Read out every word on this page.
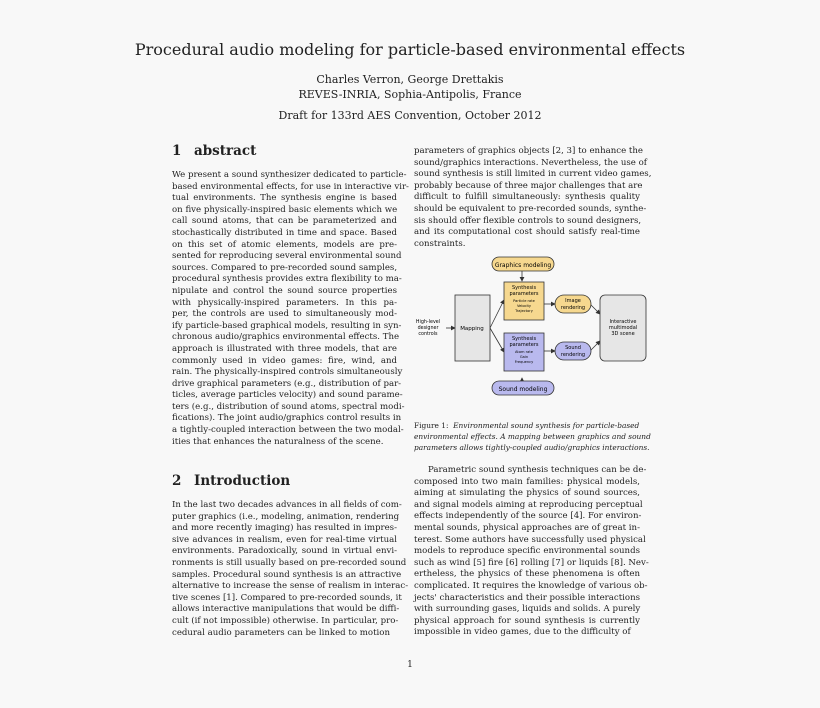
Procedural audio modeling for particle-based environmental effects
Charles Verron, George Drettakis
REVES-INRIA, Sophia-Antipolis, France
Draft for 133rd AES Convention, October 2012
1 abstract
We present a sound synthesizer dedicated to particle-
based environmental effects, for use in interactive vir-
tual environments. The synthesis engine is based
on five physically-inspired basic elements which we
call sound atoms, that can be parameterized and
stochastically distributed in time and space. Based
on this set of atomic elements, models are pre-
sented for reproducing several environmental sound
sources. Compared to pre-recorded sound samples,
procedural synthesis provides extra flexibility to ma-
nipulate and control the sound source properties
with physically-inspired parameters. In this pa-
per, the controls are used to simultaneously mod-
ify particle-based graphical models, resulting in syn-
chronous audio/graphics environmental effects. The
approach is illustrated with three models, that are
commonly used in video games: fire, wind, and
rain. The physically-inspired controls simultaneously
drive graphical parameters (e.g., distribution of par-
ticles, average particles velocity) and sound parame-
ters (e.g., distribution of sound atoms, spectral modi-
fications). The joint audio/graphics control results in
a tightly-coupled interaction between the two modal-
ities that enhances the naturalness of the scene.
2 Introduction
In the last two decades advances in all fields of com-
puter graphics (i.e., modeling, animation, rendering
and more recently imaging) has resulted in impres-
sive advances in realism, even for real-time virtual
environments. Paradoxically, sound in virtual envi-
ronments is still usually based on pre-recorded sound
samples. Procedural sound synthesis is an attractive
alternative to increase the sense of realism in interac-
tive scenes [1]. Compared to pre-recorded sounds, it
allows interactive manipulations that would be diffi-
cult (if not impossible) otherwise. In particular, pro-
cedural audio parameters can be linked to motion
parameters of graphics objects [2, 3] to enhance the
sound/graphics interactions. Nevertheless, the use of
sound synthesis is still limited in current video games,
probably because of three major challenges that are
difficult to fulfill simultaneously: synthesis quality
should be equivalent to pre-recorded sounds, synthe-
sis should offer flexible controls to sound designers,
and its computational cost should satisfy real-time
constraints.
Graphics modeling
Synthesis
parameters
Particle rate
Velocity
Trajectory
Image
rendering
High-level
designer
controls
Mapping
Synthesis
parameters
Atom rate
Gain
Frequency
Sound
rendering
Interactive
multimodal
3D scene
Sound modeling
Figure 1: Environmental sound synthesis for particle-based
environmental effects. A mapping between graphics and sound
parameters allows tightly-coupled audio/graphics interactions.
Parametric sound synthesis techniques can be de-
composed into two main families: physical models,
aiming at simulating the physics of sound sources,
and signal models aiming at reproducing perceptual
effects independently of the source [4]. For environ-
mental sounds, physical approaches are of great in-
terest. Some authors have successfully used physical
models to reproduce specific environmental sounds
such as wind [5] fire [6] rolling [7] or liquids [8]. Nev-
ertheless, the physics of these phenomena is often
complicated. It requires the knowledge of various ob-
jects' characteristics and their possible interactions
with surrounding gases, liquids and solids. A purely
physical approach for sound synthesis is currently
impossible in video games, due to the difficulty of
1
